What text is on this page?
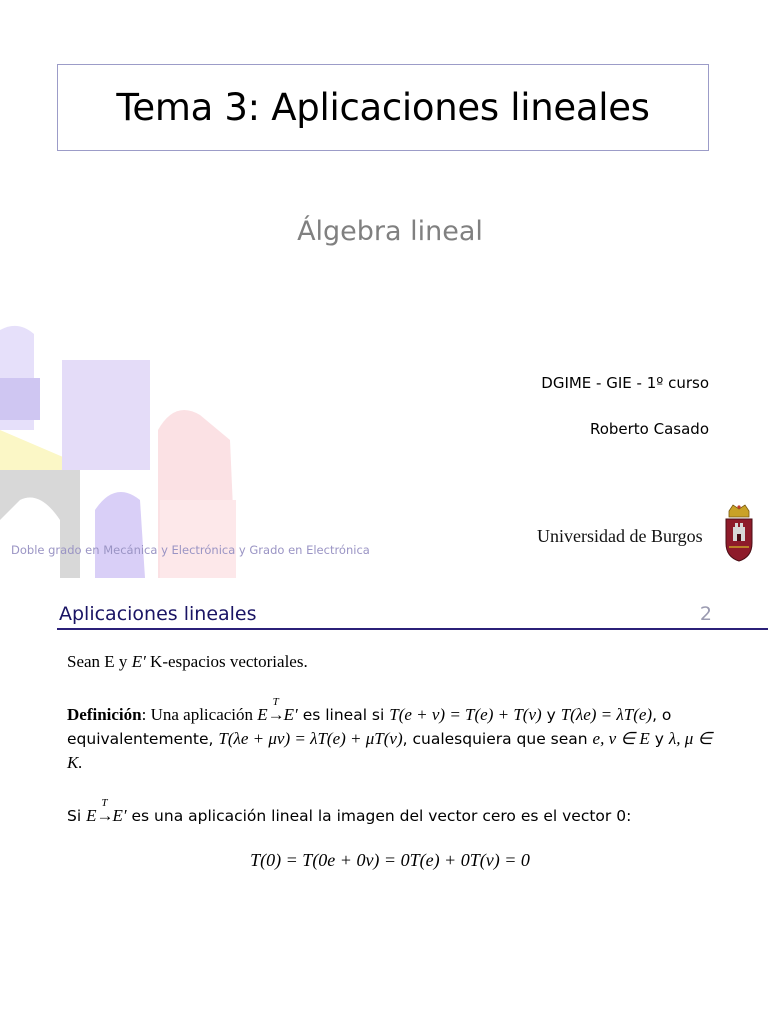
Tema 3: Aplicaciones lineales
Álgebra lineal
DGIME - GIE - 1º curso
Roberto Casado
Universidad de Burgos
Doble grado en Mecánica y Electrónica y Grado en Electrónica
Aplicaciones lineales	2
Sean E y E′ K-espacios vectoriales.
Definición: Una aplicación E
T
→E′ es lineal si T(e + v) = T(e) + T(v) y T(λe) = λT(e), o equivalentemente, T(λe + μv) = λT(e) + μT(v), cualesquiera que sean e, v ∈ E y λ, μ ∈ K.
Si E
T
→E′ es una aplicación lineal la imagen del vector cero es el vector 0:
T(0) = T(0e + 0v) = 0T(e) + 0T(v) = 0
